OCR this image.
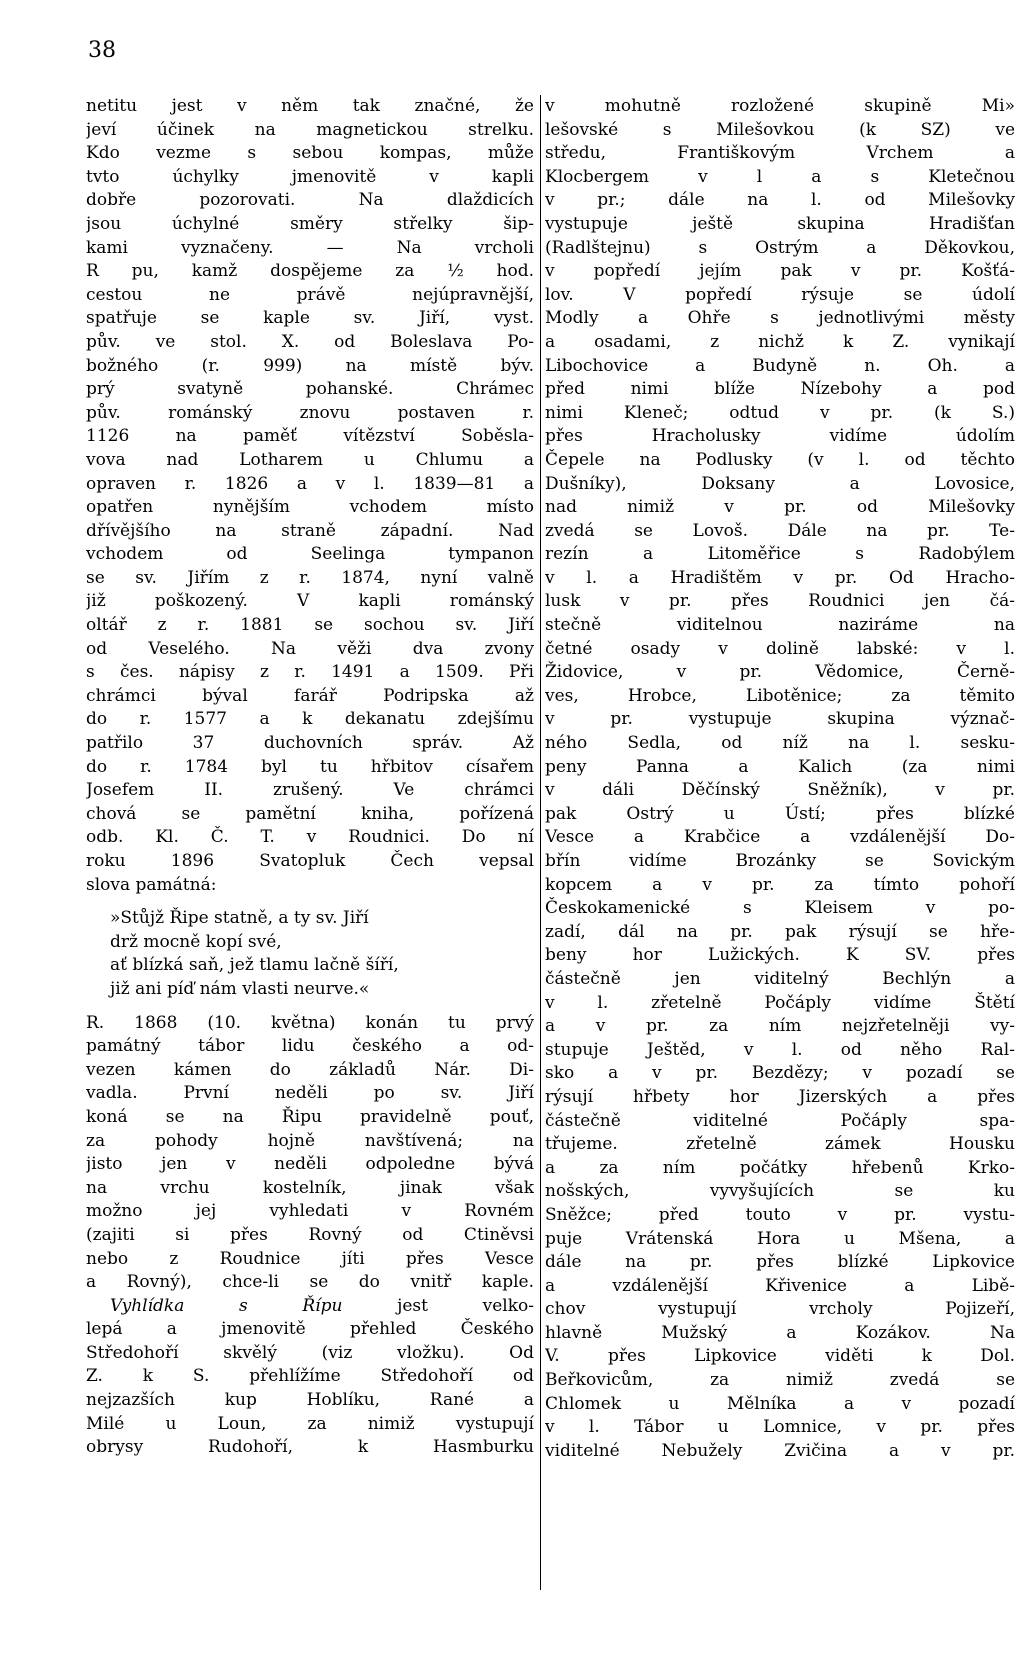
38
netitu jest v něm tak značné, že
jeví účinek na magnetickou strelku.
Kdo vezme s sebou kompas, může
tvto úchylky jmenovitě v kapli
dobře pozorovati. Na dlaždicích
jsou úchylné směry střelky šip-
kami vyznačeny. — Na vrcholi
R pu, kamž dospějeme za ½ hod.
cestou ne právě nejúpravnější,
spatřuje se kaple sv. Jiří, vyst.
pův. ve stol. X. od Boleslava Po-
božného (r. 999) na místě býv.
prý svatyně pohanské. Chrámec
pův. románský znovu postaven r.
1126 na paměť vítězství Soběsla-
vova nad Lotharem u Chlumu a
opraven r. 1826 a v l. 1839—81 a
opatřen nynějším vchodem místo
dřívějšího na straně západní. Nad
vchodem od Seelinga tympanon
se sv. Jiřím z r. 1874, nyní valně
již poškozený. V kapli románský
oltář z r. 1881 se sochou sv. Jiří
od Veselého. Na věži dva zvony
s čes. nápisy z r. 1491 a 1509. Při
chrámci býval farář Podripska až
do r. 1577 a k dekanatu zdejšímu
patřilo 37 duchovních správ. Až
do r. 1784 byl tu hřbitov císařem
Josefem II. zrušený. Ve chrámci
chová se pamětní kniha, pořízená
odb. Kl. Č. T. v Roudnici. Do ní
roku 1896 Svatopluk Čech vepsal
slova památná:
»Stůjž Řipe statně, a ty sv. Jiří
drž mocně kopí své,
ať blízká saň, jež tlamu lačně šíří,
již ani píď nám vlasti neurve.«
R. 1868 (10. května) konán tu prvý
památný tábor lidu českého a od-
vezen kámen do základů Nár. Di-
vadla. První neděli po sv. Jiří
koná se na Řipu pravidelně pouť,
za pohody hojně navštívená; na
jisto jen v neděli odpoledne bývá
na vrchu kostelník, jinak však
možno jej vyhledati v Rovném
(zajiti si přes Rovný od Ctiněvsi
nebo z Roudnice jíti přes Vesce
a Rovný), chce-li se do vnitř kaple.
Vyhlídka s Řípu jest velko-
lepá a jmenovitě přehled Českého
Středohoří skvělý (viz vložku). Od
Z. k S. přehlížíme Středohoří od
nejzazších kup Hoblíku, Rané a
Milé u Loun, za nimiž vystupují
obrysy Rudohoří, k Hasmburku
v mohutně rozložené skupině Mi»
lešovské s Milešovkou (k SZ) ve
středu, Františkovým Vrchem a
Klocbergem v l a s Kletečnou
v pr.; dále na l. od Milešovky
vystupuje ještě skupina Hradišťan
(Radlštejnu) s Ostrým a Děkovkou,
v popředí jejím pak v pr. Košťá-
lov. V popředí rýsuje se údolí
Modly a Ohře s jednotlivými městy
a osadami, z nichž k Z. vynikají
Libochovice a Budyně n. Oh. a
před nimi blíže Nízebohy a pod
nimi Kleneč; odtud v pr. (k S.)
přes Hracholusky vidíme údolím
Čepele na Podlusky (v l. od těchto
Dušníky), Doksany a Lovosice,
nad nimiž v pr. od Milešovky
zvedá se Lovoš. Dále na pr. Te-
rezín a Litoměřice s Radobýlem
v l. a Hradištěm v pr. Od Hracho-
lusk v pr. přes Roudnici jen čá-
stečně viditelnou naziráme na
četné osady v dolině labské: v l.
Židovice, v pr. Vědomice, Černě-
ves, Hrobce, Libotěnice; za těmito
v pr. vystupuje skupina význač-
ného Sedla, od níž na l. sesku-
peny Panna a Kalich (za nimi
v dáli Děčínský Sněžník), v pr.
pak Ostrý u Ústí; přes blízké
Vesce a Krabčice a vzdálenější Do-
břín vidíme Brozánky se Sovickým
kopcem a v pr. za tímto pohoří
Českokamenické s Kleisem v po-
zadí, dál na pr. pak rýsují se hře-
beny hor Lužických. K SV. přes
částečně jen viditelný Bechlýn a
v l. zřetelně Počáply vidíme Štětí
a v pr. za ním nejzřetelněji vy-
stupuje Ještěd, v l. od něho Ral-
sko a v pr. Bezdězy; v pozadí se
rýsují hřbety hor Jizerských a přes
částečně viditelné Počáply spa-
třujeme. zřetelně zámek Housku
a za ním počátky hřebenů Krko-
nošských, vyvyšujících se ku
Sněžce; před touto v pr. vystu-
puje Vrátenská Hora u Mšena, a
dále na pr. přes blízké Lipkovice
a vzdálenější Křivenice a Libě-
chov vystupují vrcholy Pojizeří,
hlavně Mužský a Kozákov. Na
V. přes Lipkovice viděti k Dol.
Beřkovicům, za nimiž zvedá se
Chlomek u Mělníka a v pozadí
v l. Tábor u Lomnice, v pr. přes
viditelné Nebužely Zvičina a v pr.
